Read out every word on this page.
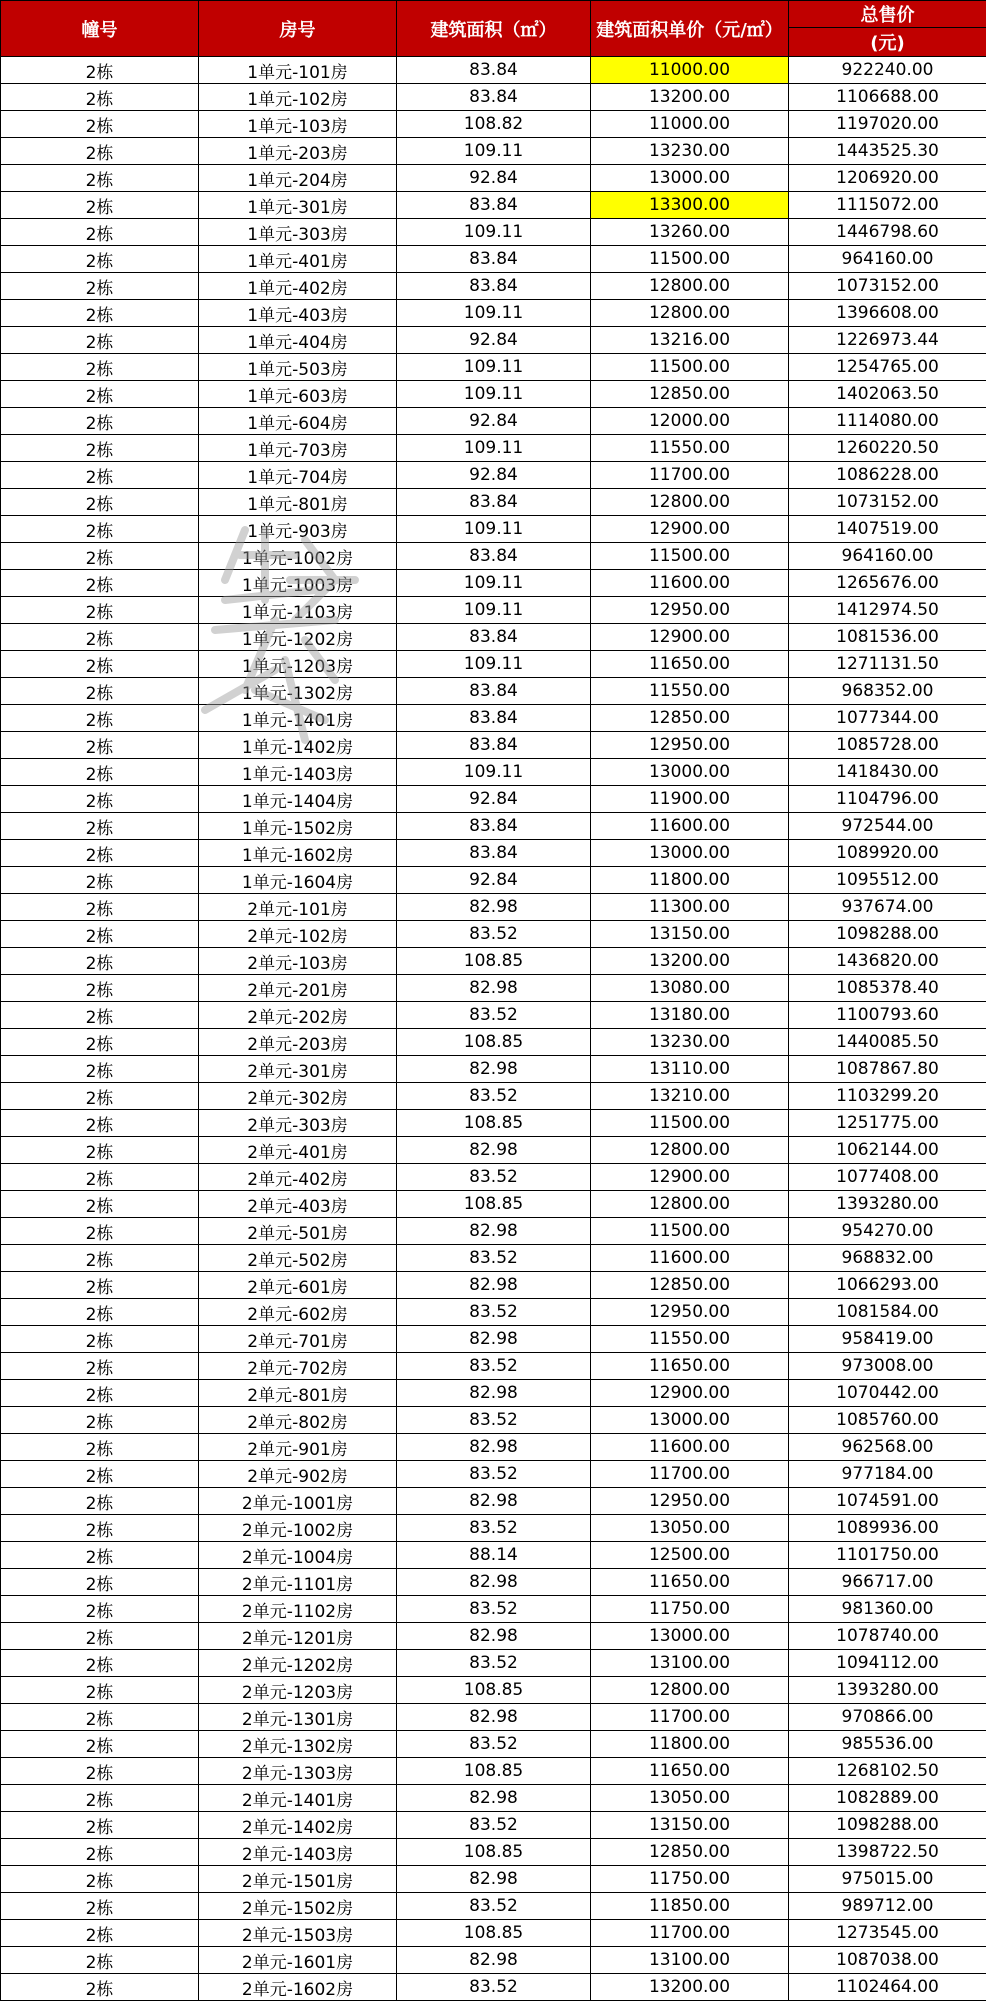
幢号	房号	建筑面积（㎡）	建筑面积单价（元/㎡）	总售价
				(元)
2栋	1单元-101房	83.84	11000.00	922240.00
2栋	1单元-102房	83.84	13200.00	1106688.00
2栋	1单元-103房	108.82	11000.00	1197020.00
2栋	1单元-203房	109.11	13230.00	1443525.30
2栋	1单元-204房	92.84	13000.00	1206920.00
2栋	1单元-301房	83.84	13300.00	1115072.00
2栋	1单元-303房	109.11	13260.00	1446798.60
2栋	1单元-401房	83.84	11500.00	964160.00
2栋	1单元-402房	83.84	12800.00	1073152.00
2栋	1单元-403房	109.11	12800.00	1396608.00
2栋	1单元-404房	92.84	13216.00	1226973.44
2栋	1单元-503房	109.11	11500.00	1254765.00
2栋	1单元-603房	109.11	12850.00	1402063.50
2栋	1单元-604房	92.84	12000.00	1114080.00
2栋	1单元-703房	109.11	11550.00	1260220.50
2栋	1单元-704房	92.84	11700.00	1086228.00
2栋	1单元-801房	83.84	12800.00	1073152.00
2栋	1单元-903房	109.11	12900.00	1407519.00
2栋	1单元-1002房	83.84	11500.00	964160.00
2栋	1单元-1003房	109.11	11600.00	1265676.00
2栋	1单元-1103房	109.11	12950.00	1412974.50
2栋	1单元-1202房	83.84	12900.00	1081536.00
2栋	1单元-1203房	109.11	11650.00	1271131.50
2栋	1单元-1302房	83.84	11550.00	968352.00
2栋	1单元-1401房	83.84	12850.00	1077344.00
2栋	1单元-1402房	83.84	12950.00	1085728.00
2栋	1单元-1403房	109.11	13000.00	1418430.00
2栋	1单元-1404房	92.84	11900.00	1104796.00
2栋	1单元-1502房	83.84	11600.00	972544.00
2栋	1单元-1602房	83.84	13000.00	1089920.00
2栋	1单元-1604房	92.84	11800.00	1095512.00
2栋	2单元-101房	82.98	11300.00	937674.00
2栋	2单元-102房	83.52	13150.00	1098288.00
2栋	2单元-103房	108.85	13200.00	1436820.00
2栋	2单元-201房	82.98	13080.00	1085378.40
2栋	2单元-202房	83.52	13180.00	1100793.60
2栋	2单元-203房	108.85	13230.00	1440085.50
2栋	2单元-301房	82.98	13110.00	1087867.80
2栋	2单元-302房	83.52	13210.00	1103299.20
2栋	2单元-303房	108.85	11500.00	1251775.00
2栋	2单元-401房	82.98	12800.00	1062144.00
2栋	2单元-402房	83.52	12900.00	1077408.00
2栋	2单元-403房	108.85	12800.00	1393280.00
2栋	2单元-501房	82.98	11500.00	954270.00
2栋	2单元-502房	83.52	11600.00	968832.00
2栋	2单元-601房	82.98	12850.00	1066293.00
2栋	2单元-602房	83.52	12950.00	1081584.00
2栋	2单元-701房	82.98	11550.00	958419.00
2栋	2单元-702房	83.52	11650.00	973008.00
2栋	2单元-801房	82.98	12900.00	1070442.00
2栋	2单元-802房	83.52	13000.00	1085760.00
2栋	2单元-901房	82.98	11600.00	962568.00
2栋	2单元-902房	83.52	11700.00	977184.00
2栋	2单元-1001房	82.98	12950.00	1074591.00
2栋	2单元-1002房	83.52	13050.00	1089936.00
2栋	2单元-1004房	88.14	12500.00	1101750.00
2栋	2单元-1101房	82.98	11650.00	966717.00
2栋	2单元-1102房	83.52	11750.00	981360.00
2栋	2单元-1201房	82.98	13000.00	1078740.00
2栋	2单元-1202房	83.52	13100.00	1094112.00
2栋	2单元-1203房	108.85	12800.00	1393280.00
2栋	2单元-1301房	82.98	11700.00	970866.00
2栋	2单元-1302房	83.52	11800.00	985536.00
2栋	2单元-1303房	108.85	11650.00	1268102.50
2栋	2单元-1401房	82.98	13050.00	1082889.00
2栋	2单元-1402房	83.52	13150.00	1098288.00
2栋	2单元-1403房	108.85	12850.00	1398722.50
2栋	2单元-1501房	82.98	11750.00	975015.00
2栋	2单元-1502房	83.52	11850.00	989712.00
2栋	2单元-1503房	108.85	11700.00	1273545.00
2栋	2单元-1601房	82.98	13100.00	1087038.00
2栋	2单元-1602房	83.52	13200.00	1102464.00
